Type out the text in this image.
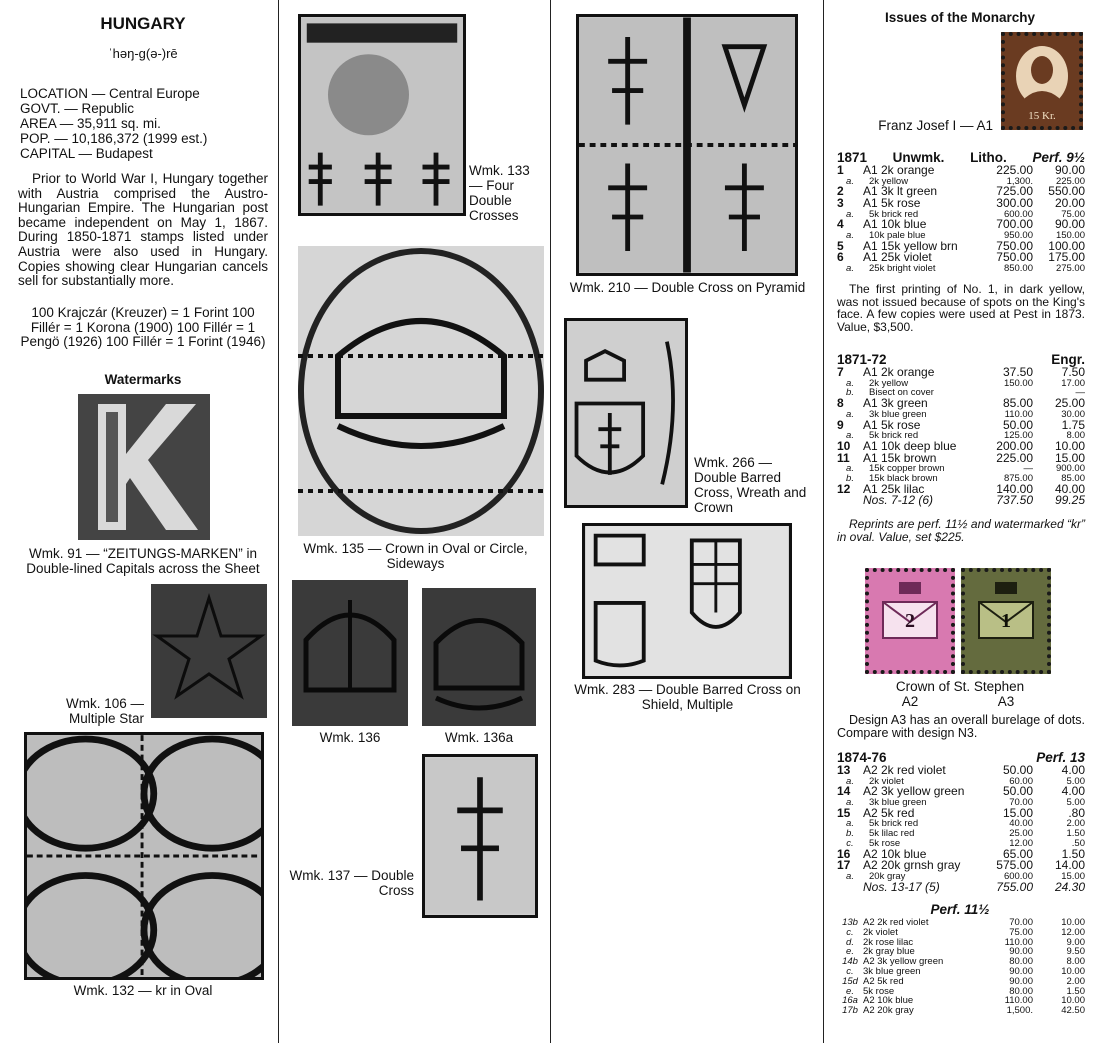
HUNGARY
ˈhəŋ-g(ə-)rē
LOCATION — Central Europe
GOVT. — Republic
AREA — 35,911 sq. mi.
POP. — 10,186,372 (1999 est.)
CAPITAL — Budapest

Prior to World War I, Hungary together with Austria comprised the Austro-Hungarian Empire. The Hungarian post became independent on May 1, 1867. During 1850-1871 stamps listed under Austria were also used in Hungary. Copies showing clear Hungarian cancels sell for substantially more.

100 Krajczár (Kreuzer) = 1 Forint 100 Fillér = 1 Korona (1900) 100 Fillér = 1 Pengö (1926) 100 Fillér = 1 Forint (1946)
Watermarks
Wmk. 91 — “ZEITUNGS-MARKEN” in Double-lined Capitals across the Sheet
Wmk. 106 — Multiple Star
Wmk. 132 — kr in Oval
Wmk. 133 — Four Double Crosses
Wmk. 135 — Crown in Oval or Circle, Sideways
Wmk. 136	Wmk. 136a
Wmk. 137 — Double Cross
Wmk. 210 — Double Cross on Pyramid
Wmk. 266 — Double Barred Cross, Wreath and Crown
Wmk. 283 — Double Barred Cross on Shield, Multiple
Issues of the Monarchy
15 Kr.
Franz Josef I — A1
1871 Unwmk. Litho. Perf. 9½
1	A1 2k orange	225.00	90.00
a.	2k yellow	1,300.	225.00
2	A1 3k lt green	725.00	550.00
3	A1 5k rose	300.00	20.00
a.	5k brick red	600.00	75.00
4	A1 10k blue	700.00	90.00
a.	10k pale blue	950.00	150.00
5	A1 15k yellow brn	750.00	100.00
6	A1 25k violet	750.00	175.00
a.	25k bright violet	850.00	275.00

The first printing of No. 1, in dark yellow, was not issued because of spots on the King's face. A few copies were used at Pest in 1873. Value, $3,500.

1871-72	Engr.
7	A1 2k orange	37.50	7.50
a.	2k yellow	150.00	17.00
b.	Bisect on cover		—
8	A1 3k green	85.00	25.00
a.	3k blue green	110.00	30.00
9	A1 5k rose	50.00	1.75
a.	5k brick red	125.00	8.00
10	A1 10k deep blue	200.00	10.00
11	A1 15k brown	225.00	15.00
a.	15k copper brown	—	900.00
b.	15k black brown	875.00	85.00
12	A1 25k lilac	140.00	40.00
	Nos. 7-12 (6)	737.50	99.25

Reprints are perf. 11½ and watermarked “kr” in oval. Value, set $225.

2	1
Crown of St. Stephen
A2	A3

Design A3 has an overall burelage of dots. Compare with design N3.

1874-76	Perf. 13
13	A2 2k red violet	50.00	4.00
a.	2k violet	60.00	5.00
14	A2 3k yellow green	50.00	4.00
a.	3k blue green	70.00	5.00
15	A2 5k red	15.00	.80
a.	5k brick red	40.00	2.00
b.	5k lilac red	25.00	1.50
c.	5k rose	12.00	.50
16	A2 10k blue	65.00	1.50
17	A2 20k grnsh gray	575.00	14.00
a.	20k gray	600.00	15.00
	Nos. 13-17 (5)	755.00	24.30
Perf. 11½
13b	A2 2k red violet	70.00	10.00
c.	2k violet	75.00	12.00
d.	2k rose lilac	110.00	9.00
e.	2k gray blue	90.00	9.50
14b	A2 3k yellow green	80.00	8.00
c.	3k blue green	90.00	10.00
15d	A2 5k red	90.00	2.00
e.	5k rose	80.00	1.50
16a	A2 10k blue	110.00	10.00
17b	A2 20k gray	1,500.	42.50
